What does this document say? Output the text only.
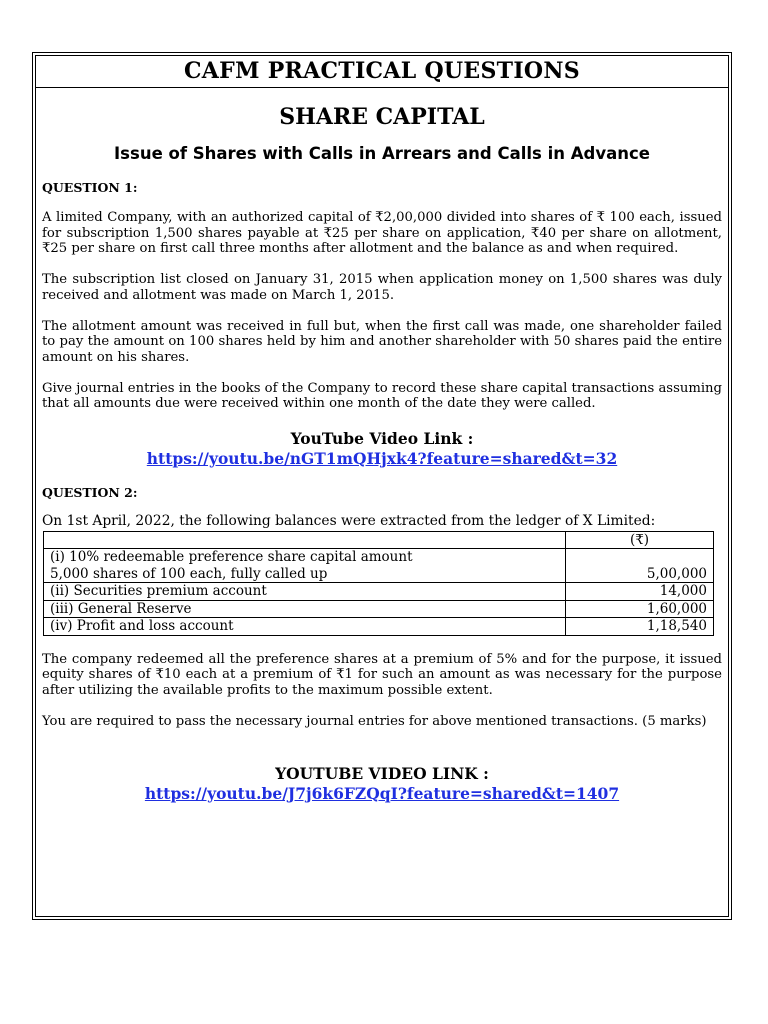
CAFM PRACTICAL QUESTIONS
SHARE CAPITAL
Issue of Shares with Calls in Arrears and Calls in Advance
QUESTION 1:

A limited Company, with an authorized capital of ₹2,00,000 divided into shares of ₹ 100 each, issued for subscription 1,500 shares payable at ₹25 per share on application, ₹40 per share on allotment, ₹25 per share on first call three months after allotment and the balance as and when required.

The subscription list closed on January 31, 2015 when application money on 1,500 shares was duly received and allotment was made on March 1, 2015.

The allotment amount was received in full but, when the first call was made, one shareholder failed to pay the amount on 100 shares held by him and another shareholder with 50 shares paid the entire amount on his shares.

Give journal entries in the books of the Company to record these share capital transactions assuming that all amounts due were received within one month of the date they were called.

YouTube Video Link :
https://youtu.be/nGT1mQHjxk4?feature=shared&t=32
QUESTION 2:

On 1st April, 2022, the following balances were extracted from the ledger of X Limited:

	(₹)

(i) 10% redeemable preference share capital amount
5,000 shares of 100 each, fully called up	5,00,000
(ii) Securities premium account	14,000
(iii) General Reserve	1,60,000
(iv) Profit and loss account	1,18,540

The company redeemed all the preference shares at a premium of 5% and for the purpose, it issued equity shares of ₹10 each at a premium of ₹1 for such an amount as was necessary for the purpose after utilizing the available profits to the maximum possible extent.

You are required to pass the necessary journal entries for above mentioned transactions. (5 marks)

YOUTUBE VIDEO LINK :
https://youtu.be/J7j6k6FZQqI?feature=shared&t=1407
